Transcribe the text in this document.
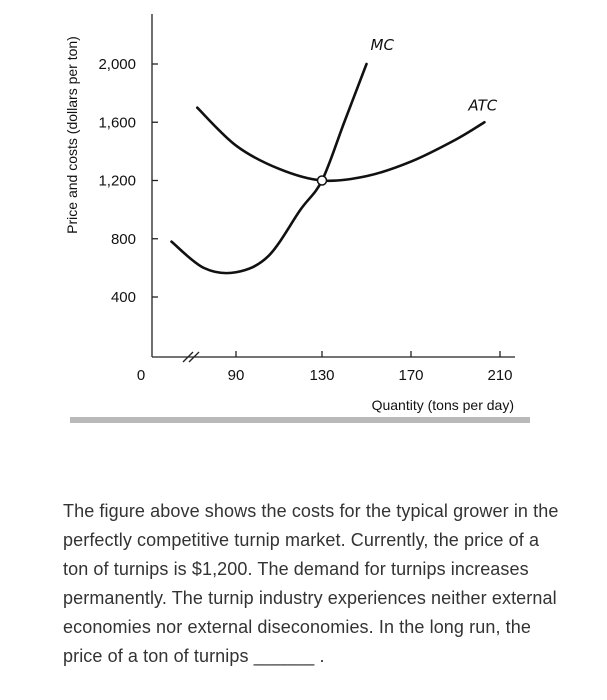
400
800
1,200
1,600
2,000
0	90	130	170	210
Quantity (tons per day)
Price and costs (dollars per ton)	MC
ATC
The figure above shows the costs for the typical grower in the perfectly competitive turnip market. Currently, the price of a ton of turnips is $1,200. The demand for turnips increases permanently. The turnip industry experiences neither external economies nor external diseconomies. In the long run, the price of a ton of turnips ______ .
